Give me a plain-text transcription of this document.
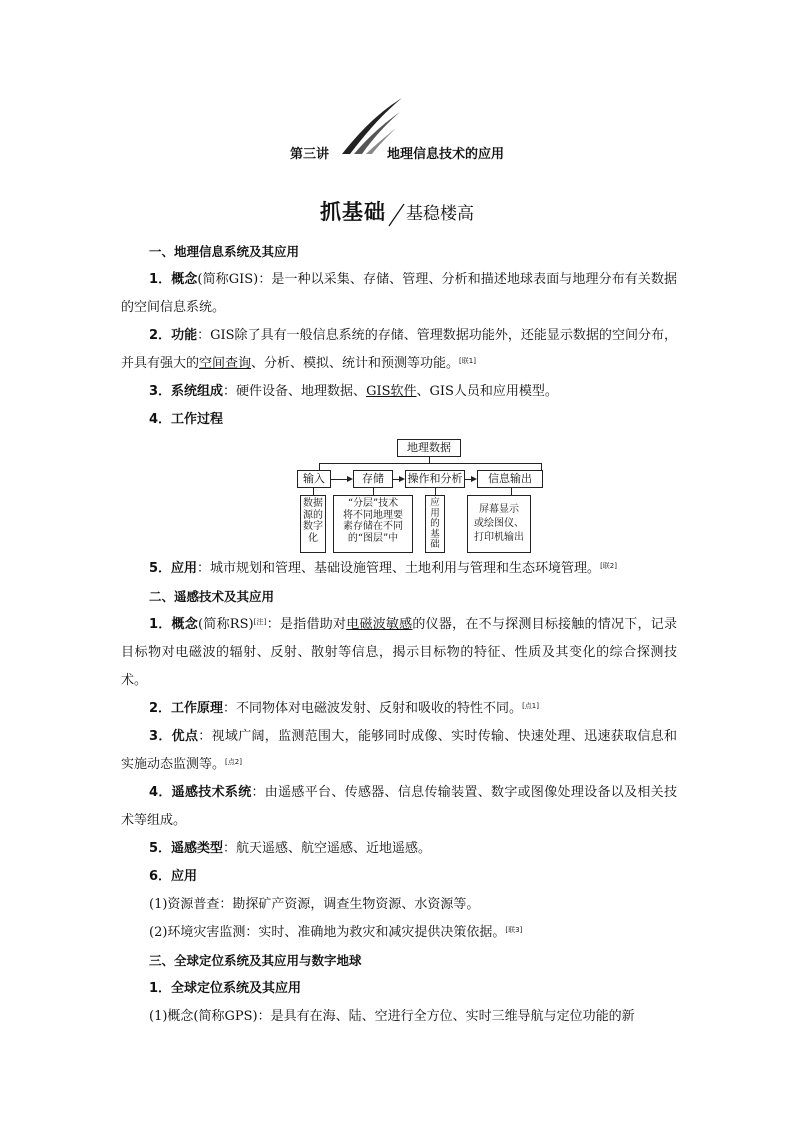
第三讲	地理信息技术的应用
抓基础 基稳楼高

一、地理信息系统及其应用

1．概念(简称GIS)：是一种以采集、存储、管理、分析和描述地球表面与地理分布有关数据的空间信息系统。

2．功能：GIS除了具有一般信息系统的存储、管理数据功能外，还能显示数据的空间分布，并具有强大的空间查询、分析、模拟、统计和预测等功能。[联1]

3．系统组成：硬件设备、地理数据、GIS软件、GIS人员和应用模型。

4．工作过程

地理数据
输入	存储	操作和分析	信息输出
数据
源的
数字
化
“分层”技术
将不同地理要
素存储在不同
的“图层”中
应
用
的
基
础
屏幕显示
或绘图仪、
打印机输出

5．应用：城市规划和管理、基础设施管理、土地利用与管理和生态环境管理。[联2]

二、遥感技术及其应用

1．概念(简称RS)[注]：是指借助对电磁波敏感的仪器，在不与探测目标接触的情况下，记录目标物对电磁波的辐射、反射、散射等信息，揭示目标物的特征、性质及其变化的综合探测技术。

2．工作原理：不同物体对电磁波发射、反射和吸收的特性不同。[点1]

3．优点：视域广阔，监测范围大，能够同时成像、实时传输、快速处理、迅速获取信息和实施动态监测等。[点2]

4．遥感技术系统：由遥感平台、传感器、信息传输装置、数字或图像处理设备以及相关技术等组成。

5．遥感类型：航天遥感、航空遥感、近地遥感。

6．应用

(1)资源普查：勘探矿产资源，调查生物资源、水资源等。

(2)环境灾害监测：实时、准确地为救灾和减灾提供决策依据。[联3]

三、全球定位系统及其应用与数字地球

1．全球定位系统及其应用

(1)概念(简称GPS)：是具有在海、陆、空进行全方位、实时三维导航与定位功能的新
